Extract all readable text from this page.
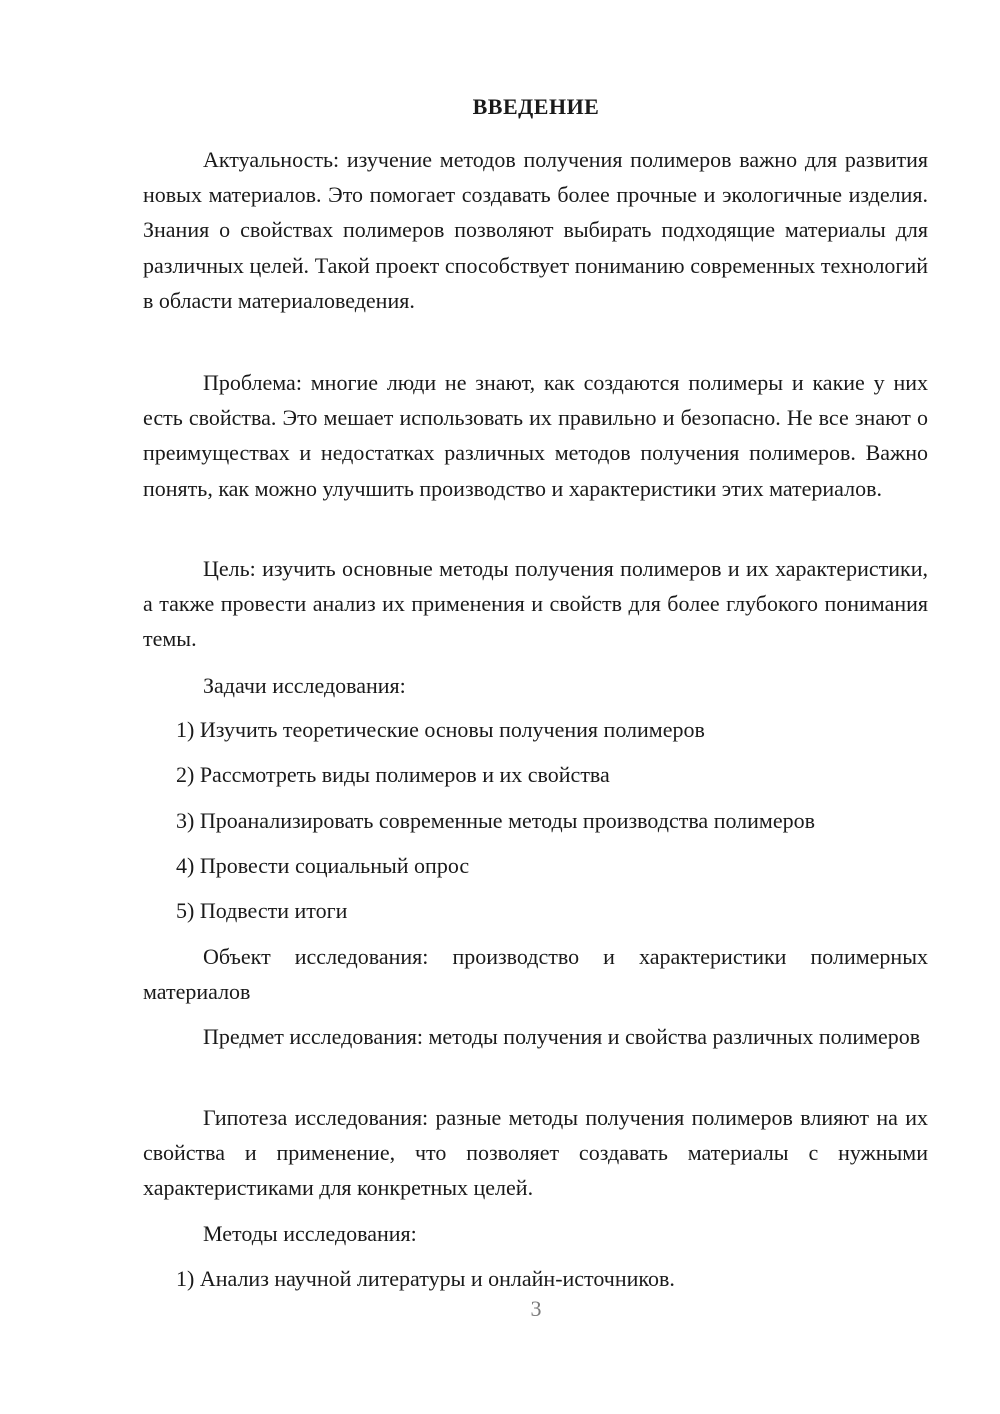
ВВЕДЕНИЕ

Актуальность: изучение методов получения полимеров важно для развития новых материалов. Это помогает создавать более прочные и экологичные изделия. Знания о свойствах полимеров позволяют выбирать подходящие материалы для различных целей. Такой проект способствует пониманию современных технологий в области материаловедения.

Проблема: многие люди не знают, как создаются полимеры и какие у них есть свойства. Это мешает использовать их правильно и безопасно. Не все знают о преимуществах и недостатках различных методов получения полимеров. Важно понять, как можно улучшить производство и характеристики этих материалов.

Цель: изучить основные методы получения полимеров и их характеристики, а также провести анализ их применения и свойств для более глубокого понимания темы.

Задачи исследования:

1) Изучить теоретические основы получения полимеров

2) Рассмотреть виды полимеров и их свойства

3) Проанализировать современные методы производства полимеров

4) Провести социальный опрос

5) Подвести итоги

Объект исследования: производство и характеристики полимерных материалов

Предмет исследования: методы получения и свойства различных полимеров

Гипотеза исследования: разные методы получения полимеров влияют на их свойства и применение, что позволяет создавать материалы с нужными характеристиками для конкретных целей.

Методы исследования:

1) Анализ научной литературы и онлайн-источников.

3
